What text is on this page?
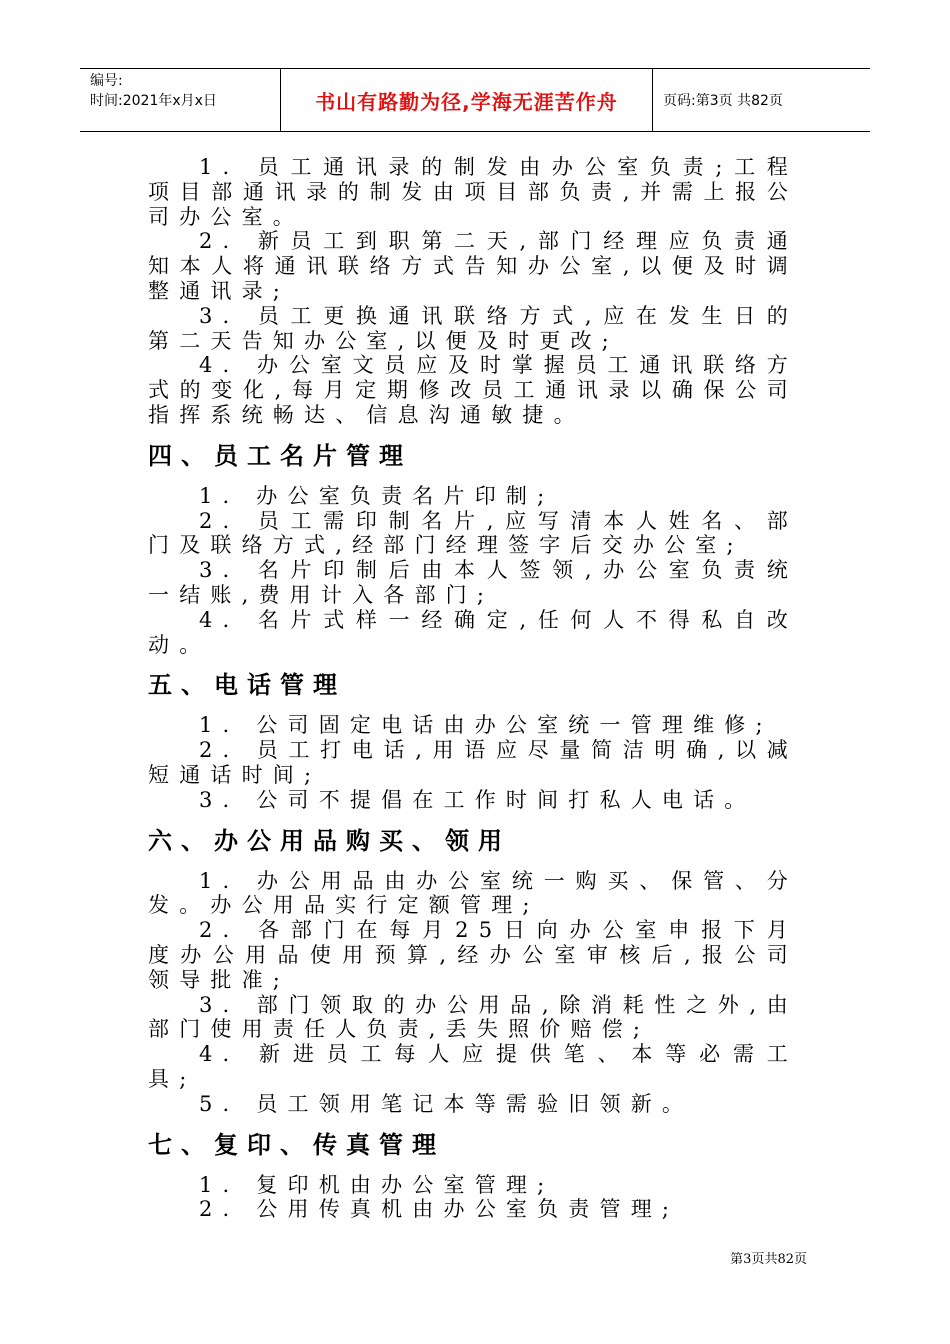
编号:
时间:2021年x月x日	书山有路勤为径,学海无涯苦作舟	页码:第3页 共82页

1. 员工通讯录的制发由办公室负责;工程项目部通讯录的制发由项目部负责,并需上报公司办公室。

2. 新员工到职第二天,部门经理应负责通知本人将通讯联络方式告知办公室,以便及时调整通讯录;

3. 员工更换通讯联络方式,应在发生日的第二天告知办公室,以便及时更改;

4. 办公室文员应及时掌握员工通讯联络方式的变化,每月定期修改员工通讯录以确保公司指挥系统畅达、信息沟通敏捷。

四、员工名片管理

1. 办公室负责名片印制;

2. 员工需印制名片,应写清本人姓名、部门及联络方式,经部门经理签字后交办公室;

3. 名片印制后由本人签领,办公室负责统一结账,费用计入各部门;

4. 名片式样一经确定,任何人不得私自改动。

五、电话管理

1. 公司固定电话由办公室统一管理维修;

2. 员工打电话,用语应尽量简洁明确,以减短通话时间;

3. 公司不提倡在工作时间打私人电话。

六、办公用品购买、领用

1. 办公用品由办公室统一购买、保管、分发。办公用品实行定额管理;

2. 各部门在每月25日向办公室申报下月度办公用品使用预算,经办公室审核后,报公司领导批准;

3. 部门领取的办公用品,除消耗性之外,由部门使用责任人负责,丢失照价赔偿;

4. 新进员工每人应提供笔、本等必需工具;

5. 员工领用笔记本等需验旧领新。

七、复印、传真管理

1. 复印机由办公室管理;

2. 公用传真机由办公室负责管理;

第3页共82页
